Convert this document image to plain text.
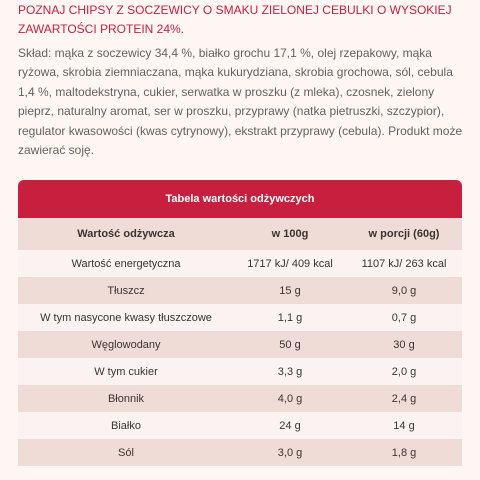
POZNAJ CHIPSY Z SOCZEWICY O SMAKU ZIELONEJ CEBULKI O WYSOKIEJ ZAWARTOŚCI PROTEIN 24%.

Skład: mąka z soczewicy 34,4 %, białko grochu 17,1 %, olej rzepakowy, mąka ryżowa, skrobia ziemniaczana, mąka kukurydziana, skrobia grochowa, sól, cebula 1,4 %, maltodekstryna, cukier, serwatka w proszku (z mleka), czosnek, zielony pieprz, naturalny aromat, ser w proszku, przyprawy (natka pietruszki, szczypior), regulator kwasowości (kwas cytrynowy), ekstrakt przyprawy (cebula). Produkt może zawierać soję.

Tabela wartości odżywczych
Wartość odżywcza	w 100g	w porcji (60g)
Wartość energetyczna	1717 kJ/ 409 kcal	1107 kJ/ 263 kcal
Tłuszcz	15 g	9,0 g
W tym nasycone kwasy tłuszczowe	1,1 g	0,7 g
Węglowodany	50 g	30 g
W tym cukier	3,3 g	2,0 g
Błonnik	4,0 g	2,4 g
Białko	24 g	14 g
Sól	3,0 g	1,8 g
